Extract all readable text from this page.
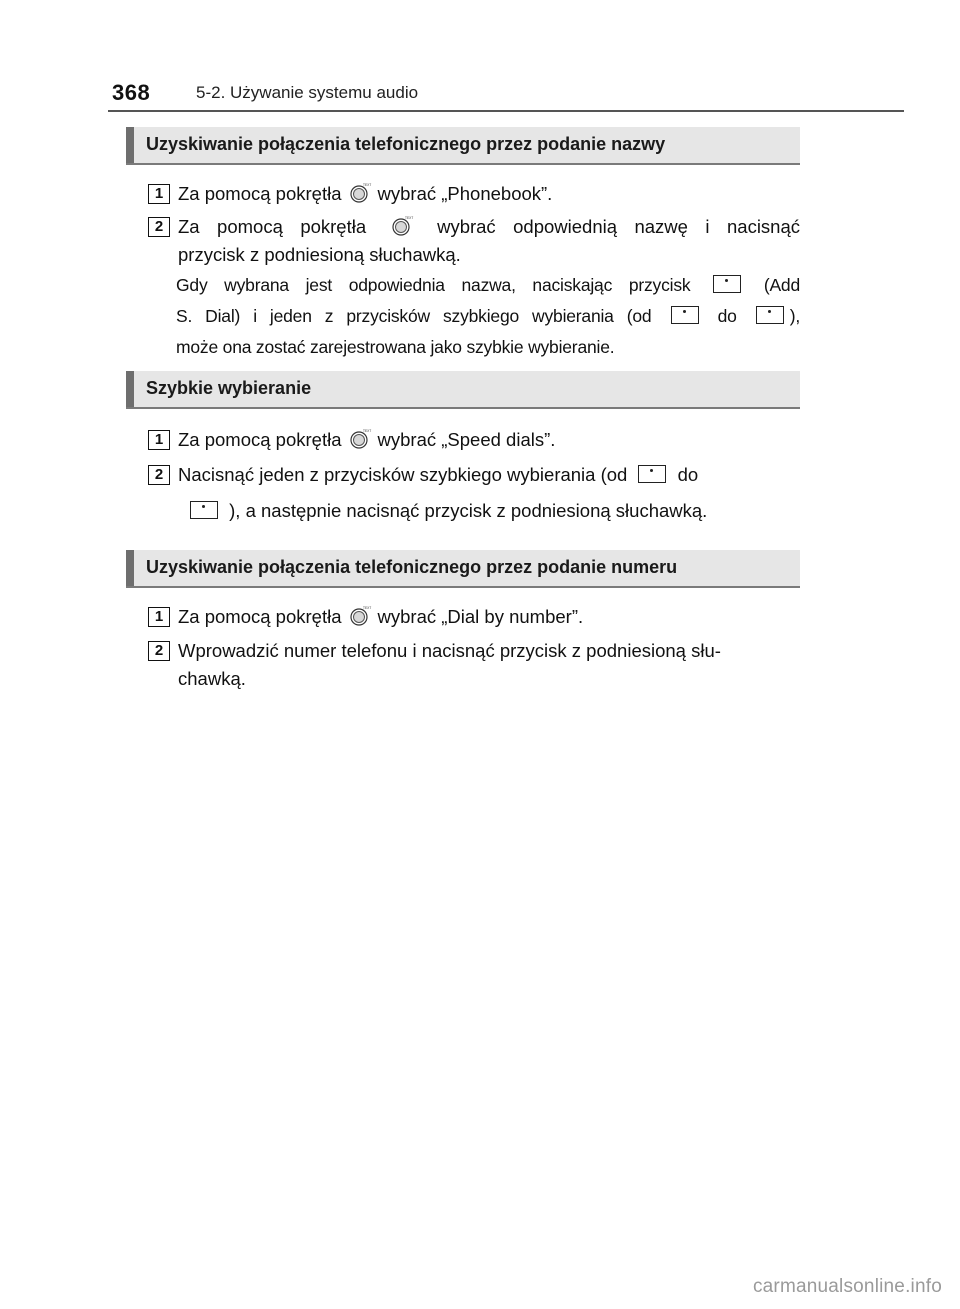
368	5-2. Używanie systemu audio
Uzyskiwanie połączenia telefonicznego przez podanie nazwy
1 Za pomocą pokrętła	TEXT wybrać „Phonebook”.
2 Za pomocą pokrętła	TEXT wybrać odpowiednią nazwę i nacisnąć
przycisk z podniesioną słuchawką.
Gdy wybrana jest odpowiednia nazwa, naciskając przycisk	(Add
S. Dial) i jeden z przycisków szybkiego wybierania (od	do	),
może ona zostać zarejestrowana jako szybkie wybieranie.
Szybkie wybieranie
1 Za pomocą pokrętła	TEXT wybrać „Speed dials”.
2 Nacisnąć jeden z przycisków szybkiego wybierania (od	do
), a następnie nacisnąć przycisk z podniesioną słuchawką.
Uzyskiwanie połączenia telefonicznego przez podanie numeru
1 Za pomocą pokrętła	TEXT wybrać „Dial by number”.
2 Wprowadzić numer telefonu i nacisnąć przycisk z podniesioną słu-
chawką.
carmanualsonline.info
